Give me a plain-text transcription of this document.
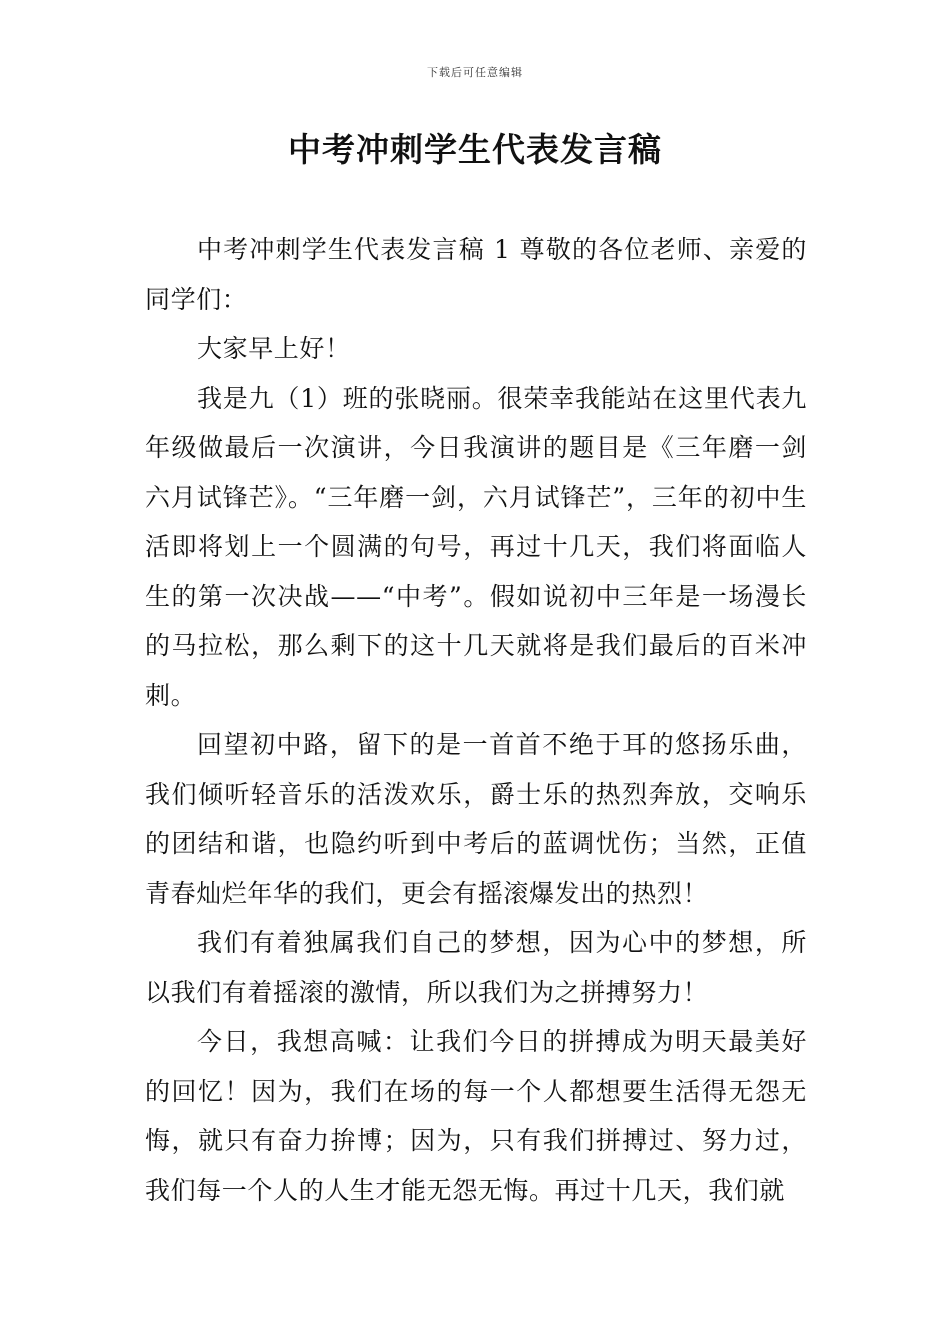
下载后可任意编辑
中考冲刺学生代表发言稿

中考冲刺学生代表发言稿 1 尊敬的各位老师、亲爱的同学们：

大家早上好！

我是九（1）班的张晓丽。很荣幸我能站在这里代表九年级做最后一次演讲，今日我演讲的题目是《三年磨一剑 六月试锋芒》。“三年磨一剑，六月试锋芒”，三年的初中生活即将划上一个圆满的句号，再过十几天，我们将面临人生的第一次决战——“中考”。假如说初中三年是一场漫长的马拉松，那么剩下的这十几天就将是我们最后的百米冲刺。

回望初中路，留下的是一首首不绝于耳的悠扬乐曲，我们倾听轻音乐的活泼欢乐，爵士乐的热烈奔放，交响乐的团结和谐，也隐约听到中考后的蓝调忧伤；当然，正值青春灿烂年华的我们，更会有摇滚爆发出的热烈！

我们有着独属我们自己的梦想，因为心中的梦想，所以我们有着摇滚的激情，所以我们为之拼搏努力！

今日，我想高喊：让我们今日的拼搏成为明天最美好的回忆！因为，我们在场的每一个人都想要生活得无怨无悔，就只有奋力拚博；因为，只有我们拼搏过、努力过，我们每一个人的人生才能无怨无悔。再过十几天，我们就
